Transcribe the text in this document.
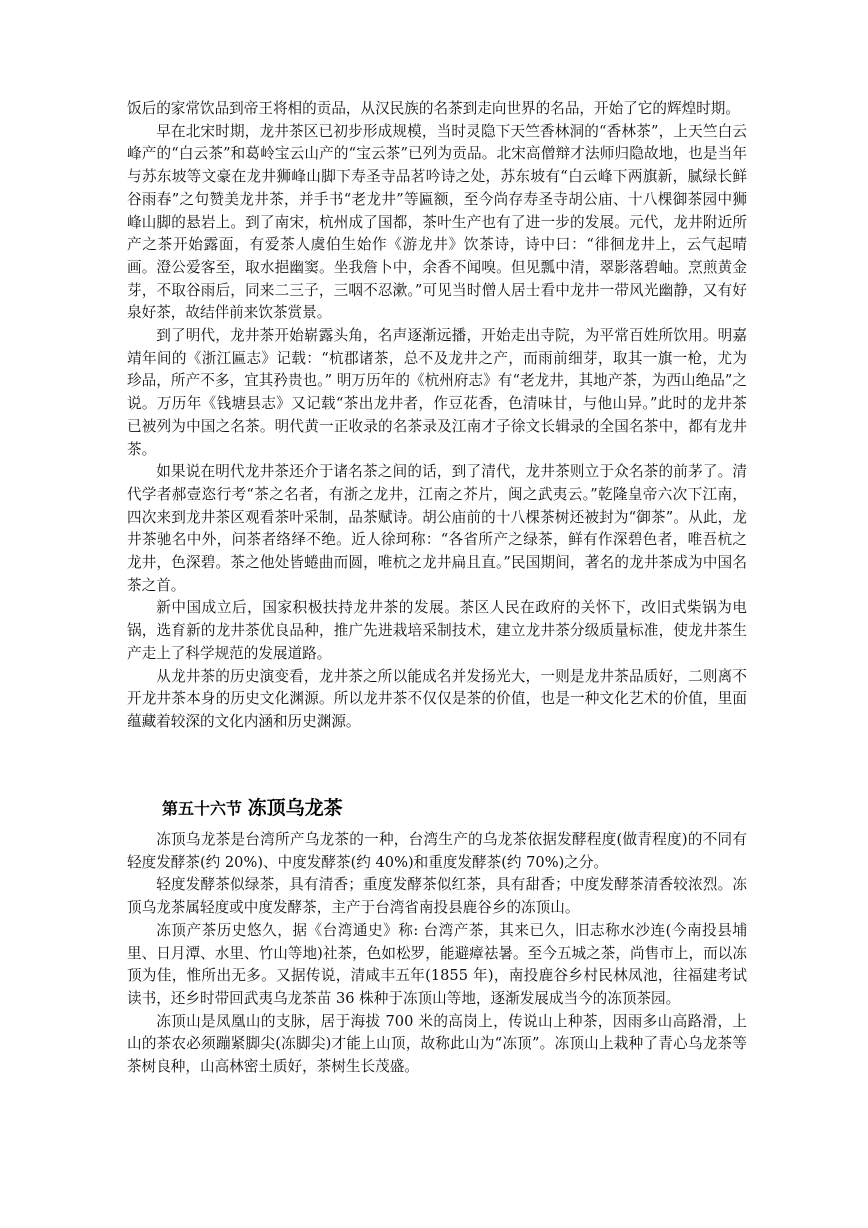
饭后的家常饮品到帝王将相的贡品，从汉民族的名茶到走向世界的名品，开始了它的辉煌时期。

早在北宋时期，龙井茶区已初步形成规模，当时灵隐下天竺香林洞的“香林茶”，上天竺白云峰产的“白云茶”和葛岭宝云山产的“宝云茶”已列为贡品。北宋高僧辩才法师归隐故地，也是当年与苏东坡等文豪在龙井狮峰山脚下寿圣寺品茗吟诗之处，苏东坡有“白云峰下两旗新，腻绿长鲜谷雨春”之句赞美龙井茶，并手书“老龙井”等匾额，至今尚存寿圣寺胡公庙、十八棵御茶园中狮峰山脚的悬岩上。到了南宋，杭州成了国都，茶叶生产也有了进一步的发展。元代，龙井附近所产之茶开始露面，有爱茶人虞伯生始作《游龙井》饮茶诗，诗中曰：“徘徊龙井上，云气起晴画。澄公爱客至，取水挹幽窦。坐我詹卜中，余香不闻嗅。但见瓢中清，翠影落碧岫。烹煎黄金芽，不取谷雨后，同来二三子，三咽不忍漱。”可见当时僧人居士看中龙井一带风光幽静，又有好泉好茶，故结伴前来饮茶赏景。

到了明代，龙井茶开始崭露头角，名声逐渐远播，开始走出寺院，为平常百姓所饮用。明嘉靖年间的《浙江匾志》记载：“杭郡诸茶，总不及龙井之产，而雨前细芽，取其一旗一枪，尤为珍品，所产不多，宜其矜贵也。” 明万历年的《杭州府志》有“老龙井，其地产茶，为西山绝品”之说。万历年《钱塘县志》又记载“茶出龙井者，作豆花香，色清味甘，与他山异。”此时的龙井茶已被列为中国之名茶。明代黄一正收录的名茶录及江南才子徐文长辑录的全国名茶中，都有龙井茶。

如果说在明代龙井茶还介于诸名茶之间的话，到了清代，龙井茶则立于众名茶的前茅了。清代学者郝壹恣行考“茶之名者，有浙之龙井，江南之芥片，闽之武夷云。”乾隆皇帝六次下江南，四次来到龙井茶区观看茶叶采制，品茶赋诗。胡公庙前的十八棵茶树还被封为“御茶”。从此，龙井茶驰名中外，问茶者络绎不绝。近人徐珂称：“各省所产之绿茶，鲜有作深碧色者，唯吾杭之龙井，色深碧。茶之他处皆蜷曲而圆，唯杭之龙井扁且直。”民国期间，著名的龙井茶成为中国名茶之首。

新中国成立后，国家积极扶持龙井茶的发展。茶区人民在政府的关怀下，改旧式柴锅为电锅，选育新的龙井茶优良品种，推广先进栽培采制技术，建立龙井茶分级质量标准，使龙井茶生产走上了科学规范的发展道路。

从龙井茶的历史演变看，龙井茶之所以能成名并发扬光大，一则是龙井茶品质好，二则离不开龙井茶本身的历史文化渊源。所以龙井茶不仅仅是茶的价值，也是一种文化艺术的价值，里面蕴藏着较深的文化内涵和历史渊源。

第五十六节 冻顶乌龙茶

冻顶乌龙茶是台湾所产乌龙茶的一种，台湾生产的乌龙茶依据发酵程度(做青程度)的不同有轻度发酵茶(约 20%)、中度发酵茶(约 40%)和重度发酵茶(约 70%)之分。

轻度发酵茶似绿茶，具有清香；重度发酵茶似红茶，具有甜香；中度发酵茶清香较浓烈。冻顶乌龙茶属轻度或中度发酵茶，主产于台湾省南投县鹿谷乡的冻顶山。

冻顶产茶历史悠久，据《台湾通史》称: 台湾产茶，其来已久，旧志称水沙连(今南投县埔里、日月潭、水里、竹山等地)社茶，色如松罗，能避瘴祛暑。至今五城之茶，尚售市上，而以冻顶为佳，惟所出无多。又据传说，清咸丰五年(1855 年)，南投鹿谷乡村民林凤池，往福建考试读书，还乡时带回武夷乌龙茶苗 36 株种于冻顶山等地，逐渐发展成当今的冻顶茶园。

冻顶山是凤凰山的支脉，居于海拔 700 米的高岗上，传说山上种茶，因雨多山高路滑，上山的茶农必须蹦紧脚尖(冻脚尖)才能上山顶，故称此山为“冻顶”。冻顶山上栽种了青心乌龙茶等茶树良种，山高林密土质好，茶树生长茂盛。
